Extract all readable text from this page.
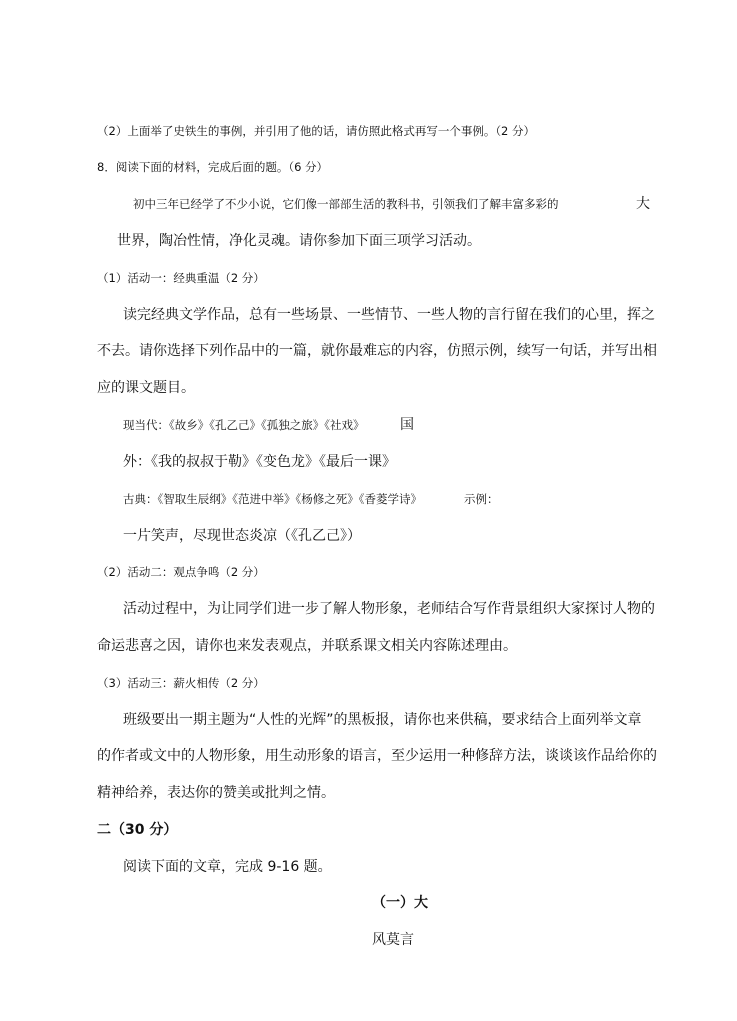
（2）上面举了史铁生的事例，并引用了他的话，请仿照此格式再写一个事例。（2 分）
8．阅读下面的材料，完成后面的题。（6 分）
初中三年已经学了不少小说，它们像一部部生活的教科书，引领我们了解丰富多彩的	大
世界，陶冶性情，净化灵魂。请你参加下面三项学习活动。
（1）活动一：经典重温（2 分）
读完经典文学作品，总有一些场景、一些情节、一些人物的言行留在我们的心里，挥之
不去。请你选择下列作品中的一篇，就你最难忘的内容，仿照示例，续写一句话，并写出相
应的课文题目。
现当代：《故乡》《孔乙己》《孤独之旅》《社戏》	国
外：《我的叔叔于勒》《变色龙》《最后一课》
古典：《智取生辰纲》《范进中举》《杨修之死》《香菱学诗》	示例：
一片笑声，尽现世态炎凉（《孔乙己》）
（2）活动二：观点争鸣（2 分）
活动过程中，为让同学们进一步了解人物形象，老师结合写作背景组织大家探讨人物的
命运悲喜之因，请你也来发表观点，并联系课文相关内容陈述理由。
（3）活动三：薪火相传（2 分）
班级要出一期主题为“人性的光辉”的黑板报，请你也来供稿，要求结合上面列举文章
的作者或文中的人物形象，用生动形象的语言，至少运用一种修辞方法，谈谈该作品给你的
精神给养，表达你的赞美或批判之情。
二（30 分）
阅读下面的文章，完成 9-16 题。
（一）大
风莫言
